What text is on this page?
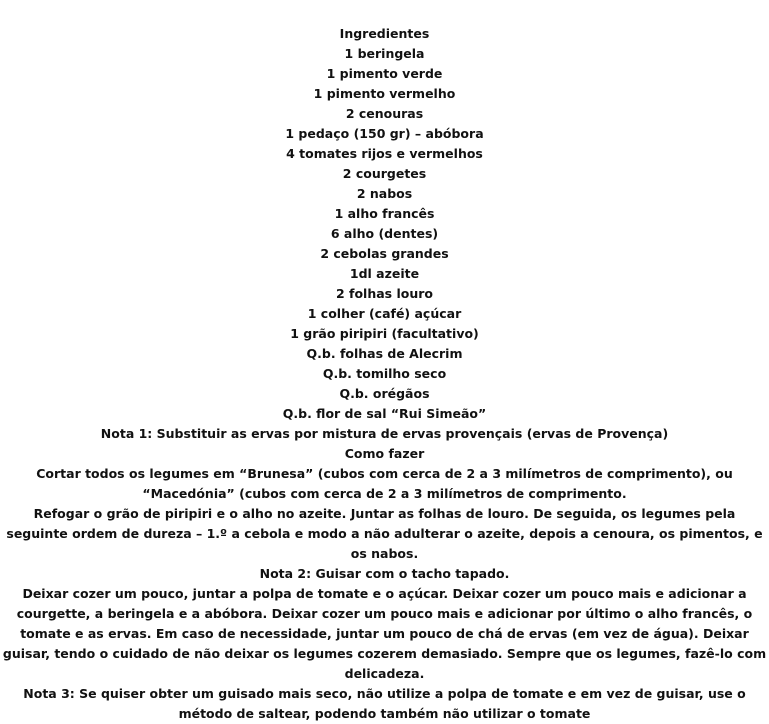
Ingredientes
1 beringela
1 pimento verde
1 pimento vermelho
2 cenouras
1 pedaço (150 gr) – abóbora
4 tomates rijos e vermelhos
2 courgetes
2 nabos
1 alho francês
6 alho (dentes)
2 cebolas grandes
1dl azeite
2 folhas louro
1 colher (café) açúcar
1 grão piripiri (facultativo)
Q.b. folhas de Alecrim
Q.b. tomilho seco
Q.b. orégãos
Q.b. flor de sal “Rui Simeão”
Nota 1: Substituir as ervas por mistura de ervas provençais (ervas de Provença)
Como fazer
Cortar todos os legumes em “Brunesa” (cubos com cerca de 2 a 3 milímetros de comprimento), ou “Macedónia” (cubos com cerca de 2 a 3 milímetros de comprimento.
Refogar o grão de piripiri e o alho no azeite. Juntar as folhas de louro. De seguida, os legumes pela seguinte ordem de dureza – 1.º a cebola e modo a não adulterar o azeite, depois a cenoura, os pimentos, e os nabos.
Nota 2: Guisar com o tacho tapado.
Deixar cozer um pouco, juntar a polpa de tomate e o açúcar. Deixar cozer um pouco mais e adicionar a courgette, a beringela e a abóbora. Deixar cozer um pouco mais e adicionar por último o alho francês, o tomate e as ervas. Em caso de necessidade, juntar um pouco de chá de ervas (em vez de água). Deixar guisar, tendo o cuidado de não deixar os legumes cozerem demasiado. Sempre que os legumes, fazê-lo com delicadeza.
Nota 3: Se quiser obter um guisado mais seco, não utilize a polpa de tomate e em vez de guisar, use o método de saltear, podendo também não utilizar o tomate
